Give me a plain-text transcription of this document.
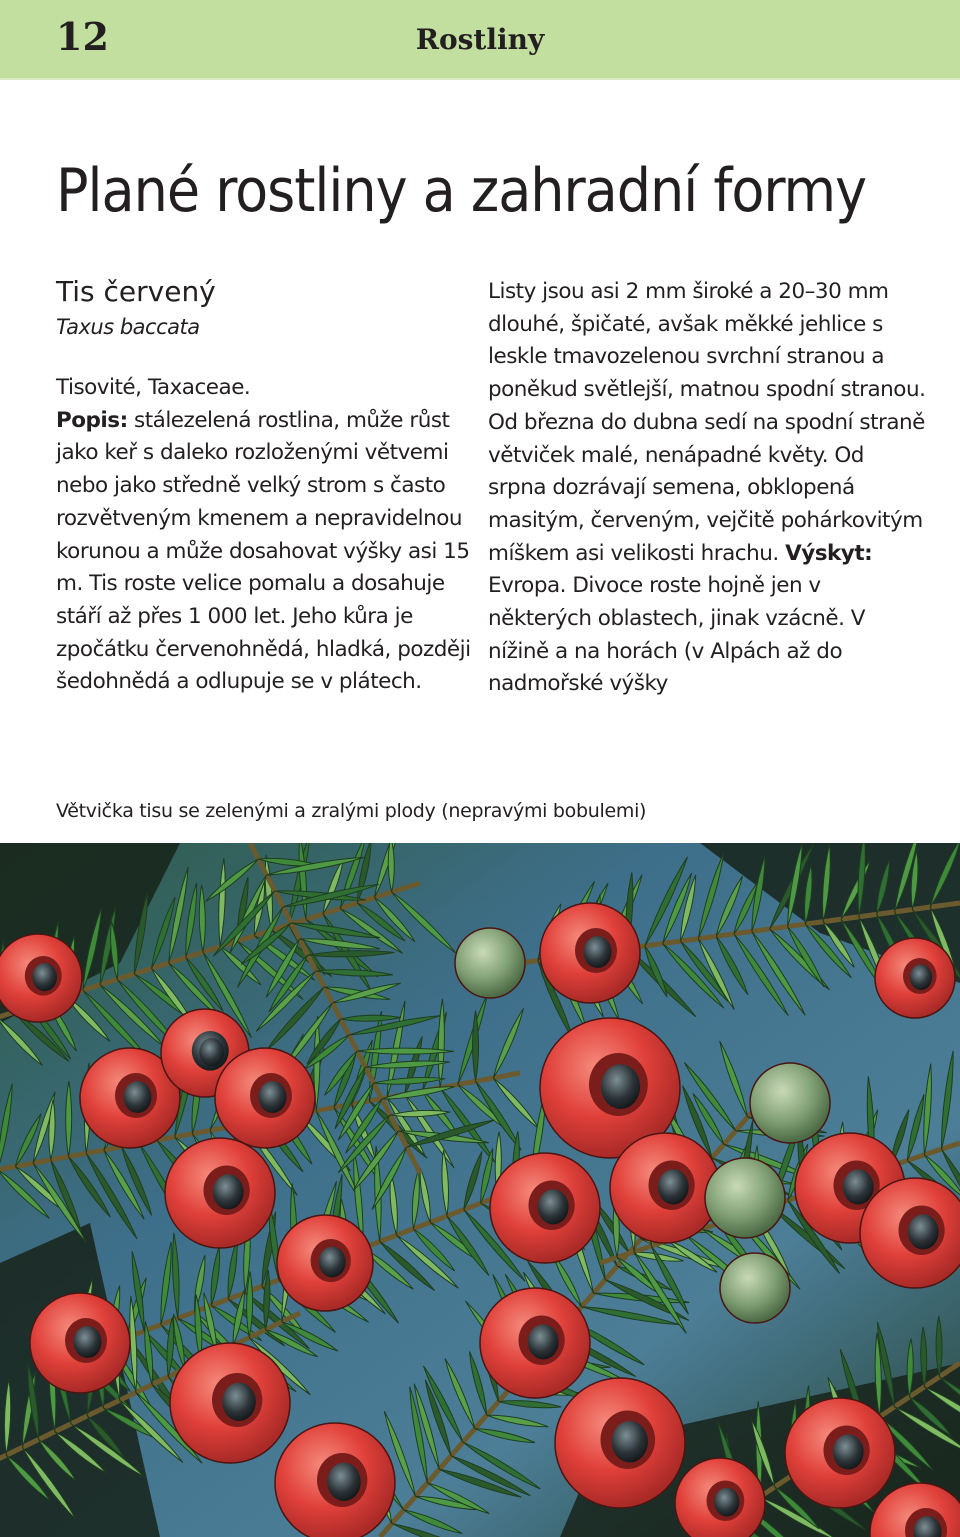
12	Rostliny
Plané rostliny a zahradní formy
Tis červený
Taxus baccata
Tisovité, Taxaceae.
Popis: stálezelená rostlina, může růst jako keř s daleko rozloženými větvemi nebo jako středně velký strom s často rozvětveným kmenem a nepravidelnou korunou a může dosahovat výšky asi 15 m. Tis roste velice pomalu a dosahuje stáří až přes 1 000 let. Jeho kůra je zpočátku červenohnědá, hladká, později šedohnědá a odlupuje se v plátech.

Listy jsou asi 2 mm široké a 20–30 mm dlouhé, špičaté, avšak měkké jehlice s leskle tmavozelenou svrchní stranou a poněkud světlejší, matnou spodní stranou. Od března do dubna sedí na spodní straně větviček malé, nenápadné květy. Od srpna dozrávají semena, obklopená masitým, červeným, vejčitě pohárkovitým míškem asi velikosti hrachu. Výskyt: Evropa. Divoce roste hojně jen v některých oblastech, jinak vzácně. V nížině a na horách (v Alpách až do nadmořské výšky

Větvička tisu se zelenými a zralými plody (nepravými bobulemi)
